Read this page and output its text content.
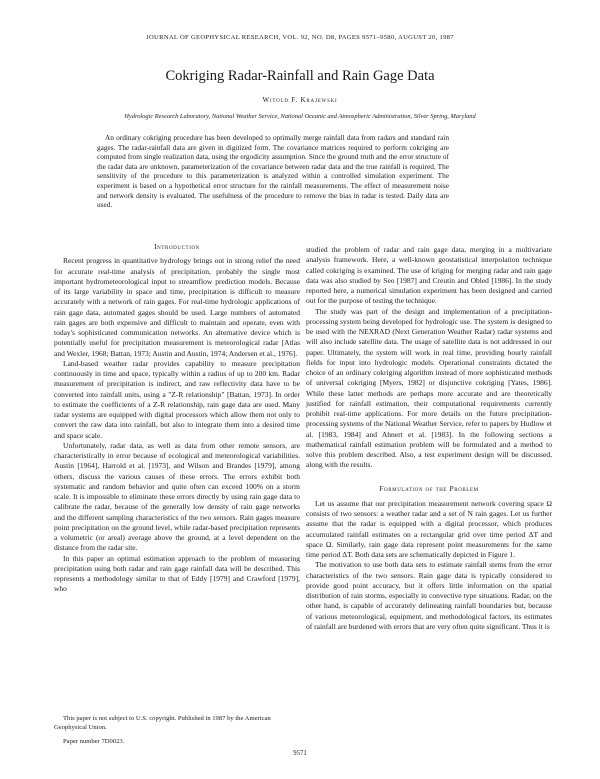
JOURNAL OF GEOPHYSICAL RESEARCH, VOL. 92, NO. D8, PAGES 9571–9580, AUGUST 20, 1987
Cokriging Radar-Rainfall and Rain Gage Data
Witold F. Krajewski
Hydrologic Research Laboratory, National Weather Service, National Oceanic and Atmospheric Administration, Silver Spring, Maryland
An ordinary cokriging procedure has been developed to optimally merge rainfall data from radars and standard rain gages. The radar-rainfall data are given in digitized form. The covariance matrices required to perform cokriging are computed from single realization data, using the ergodicity assumption. Since the ground truth and the error structure of the radar data are unknown, parameterization of the covariance between radar data and the true rainfall is required. The sensitivity of the procedure to this parameterization is analyzed within a controlled simulation experiment. The experiment is based on a hypothetical error structure for the rainfall measurements. The effect of measurement noise and network density is evaluated. The usefulness of the procedure to remove the bias in radar is tested. Daily data are used.
Introduction

Recent progress in quantitative hydrology brings out in strong relief the need for accurate real-time analysis of precipitation, probably the single most important hydrometeorological input to streamflow prediction models. Because of its large variability in space and time, precipitation is difficult to measure accurately with a network of rain gages. For real-time hydrologic applications of rain gage data, automated gages should be used. Large numbers of automated rain gages are both expensive and difficult to maintain and operate, even with today's sophisticated communication networks. An alternative device which is potentially useful for precipitation measurement is meteorological radar [Atlas and Wexler, 1968; Battan, 1973; Austin and Austin, 1974; Andersen et al., 1976].

Land-based weather radar provides capability to measure precipitation continuously in time and space, typically within a radius of up to 200 km. Radar measurement of precipitation is indirect, and raw reflectivity data have to be converted into rainfall units, using a "Z-R relationship" [Battan, 1973]. In order to estimate the coefficients of a Z-R relationship, rain gage data are used. Many radar systems are equipped with digital processors which allow them not only to convert the raw data into rainfall, but also to integrate them into a desired time and space scale.

Unfortunately, radar data, as well as data from other remote sensors, are characteristically in error because of ecological and meteorological variabilities. Austin [1964], Harrold et al. [1973], and Wilson and Brandes [1979], among others, discuss the various causes of these errors. The errors exhibit both systematic and random behavior and quite often can exceed 100% on a storm scale. It is impossible to eliminate these errors directly by using rain gage data to calibrate the radar, because of the generally low density of rain gage networks and the different sampling characteristics of the two sensors. Rain gages measure point precipitation on the ground level, while radar-based precipitation represents a volumetric (or areal) average above the ground, at a level dependent on the distance from the radar site.

In this paper an optimal estimation approach to the problem of measuring precipitation using both radar and rain gage rainfall data will be described. This represents a methodology similar to that of Eddy [1979] and Crawford [1979], who

This paper is not subject to U.S. copyright. Published in 1987 by the American Geophysical Union.

Paper number 7D0023.

studied the problem of radar and rain gage data, merging in a multivariate analysis framework. Here, a well-known geostatistical interpolation technique called cokriging is examined. The use of kriging for merging radar and rain gage data was also studied by Seo [1987] and Creutin and Obled [1986]. In the study reported here, a numerical simulation experiment has been designed and carried out for the purpose of testing the technique.

The study was part of the design and implementation of a precipitation-processing system being developed for hydrologic use. The system is designed to be used with the NEXRAD (Next Generation Weather Radar) radar systems and will also include satellite data. The usage of satellite data is not addressed in our paper. Ultimately, the system will work in real time, providing hourly rainfall fields for input into hydrologic models. Operational constraints dictated the choice of an ordinary cokriging algorithm instead of more sophisticated methods of universal cokriging [Myers, 1982] or disjunctive cokriging [Yates, 1986]. While these latter methods are perhaps more accurate and are theoretically justified for rainfall estimation, their computational requirements currently prohibit real-time applications. For more details on the future precipitation-processing systems of the National Weather Service, refer to papers by Hudlow et al. [1983, 1984] and Ahnert et al. [1983]. In the following sections a mathematical rainfall estimation problem will be formulated and a method to solve this problem described. Also, a test experiment design will be discussed, along with the results.

Formulation of the Problem

Let us assume that our precipitation measurement network covering space Ω consists of two sensors: a weather radar and a set of N rain gages. Let us further assume that the radar is equipped with a digital processor, which produces accumulated rainfall estimates on a rectangular grid over time period ΔT and space Ω. Similarly, rain gage data represent point measurements for the same time period ΔT. Both data sets are schematically depicted in Figure 1.

The motivation to use both data sets to estimate rainfall stems from the error characteristics of the two sensors. Rain gage data is typically considered to provide good point accuracy, but it offers little information on the spatial distribution of rain storms, especially in convective type situations. Radar, on the other hand, is capable of accurately delineating rainfall boundaries but, because of various meteorological, equipment, and methodological factors, its estimates of rainfall are burdened with errors that are very often quite significant. Thus it is

9571
